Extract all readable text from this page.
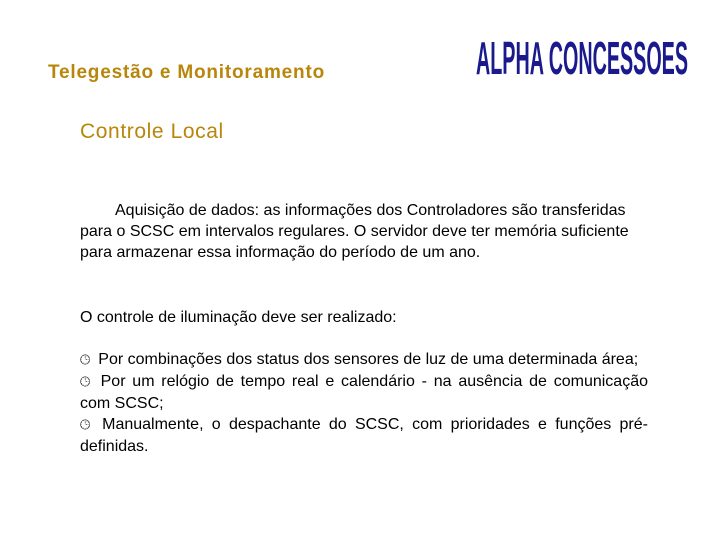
Telegestão e Monitoramento	ALPHA CONCESSOES
Controle Local

Aquisição de dados: as informações dos Controladores são transferidas para o SCSC em intervalos regulares. O servidor deve ter memória suficiente para armazenar essa informação do período de um ano.

O controle de iluminação deve ser realizado:

🕒︎ Por combinações dos status dos sensores de luz de uma determinada área;
🕒︎ Por um relógio de tempo real e calendário - na ausência de comunicação com SCSC;
🕒︎ Manualmente, o despachante do SCSC, com prioridades e funções pré-definidas.
